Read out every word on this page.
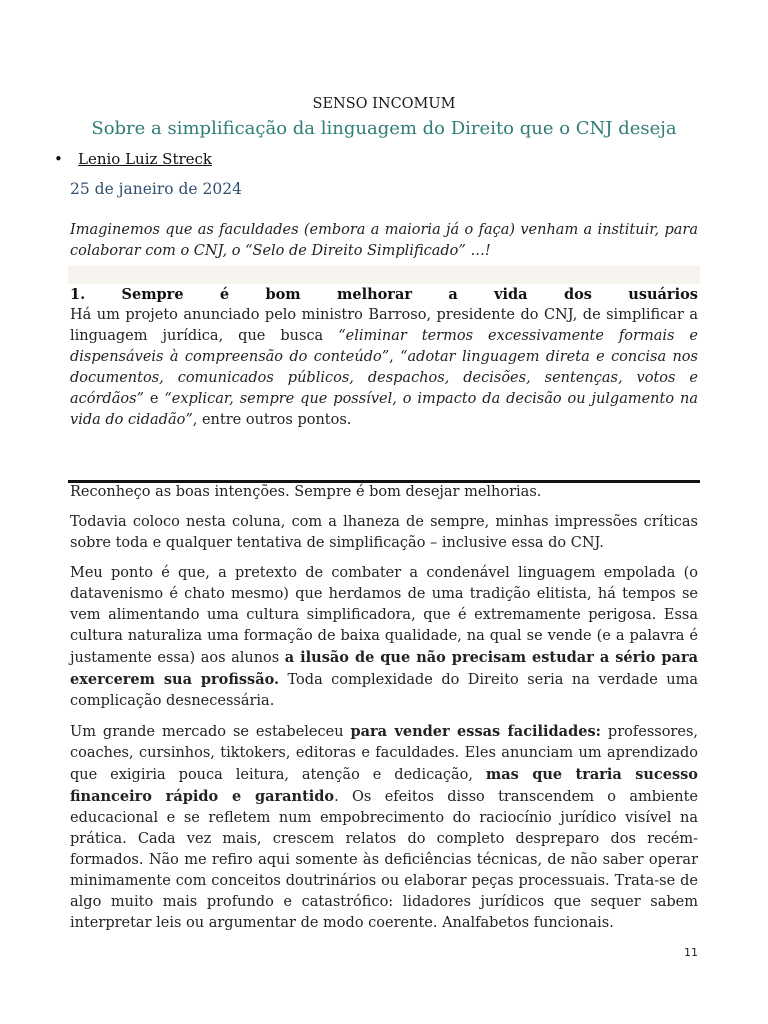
SENSO INCOMUM
Sobre a simplificação da linguagem do Direito que o CNJ deseja
• Lenio Luiz Streck
25 de janeiro de 2024
Imaginemos que as faculdades (embora a maioria já o faça) venham a instituir, para colaborar com o CNJ, o “Selo de Direito Simplificado” …!
1.	Sempre	é	bom	melhorar	a	vida	dos	usuários
Há um projeto anunciado pelo ministro Barroso, presidente do CNJ, de simplificar a linguagem jurídica, que busca “eliminar termos excessivamente formais e dispensáveis à compreensão do conteúdo”, “adotar linguagem direta e concisa nos documentos, comunicados públicos, despachos, decisões, sentenças, votos e acórdãos” e “explicar, sempre que possível, o impacto da decisão ou julgamento na vida do cidadão”, entre outros pontos.

Reconheço as boas intenções. Sempre é bom desejar melhorias.

Todavia coloco nesta coluna, com a lhaneza de sempre, minhas impressões críticas sobre toda e qualquer tentativa de simplificação – inclusive essa do CNJ.

Meu ponto é que, a pretexto de combater a condenável linguagem empolada (o datavenismo é chato mesmo) que herdamos de uma tradição elitista, há tempos se vem alimentando uma cultura simplificadora, que é extremamente perigosa. Essa cultura naturaliza uma formação de baixa qualidade, na qual se vende (e a palavra é justamente essa) aos alunos a ilusão de que não precisam estudar a sério para exercerem sua profissão. Toda complexidade do Direito seria na verdade uma complicação desnecessária.

Um grande mercado se estabeleceu para vender essas facilidades: professores, coaches, cursinhos, tiktokers, editoras e faculdades. Eles anunciam um aprendizado que exigiria pouca leitura, atenção e dedicação, mas que traria sucesso financeiro rápido e garantido. Os efeitos disso transcendem o ambiente educacional e se refletem num empobrecimento do raciocínio jurídico visível na prática. Cada vez mais, crescem relatos do completo despreparo dos recém-formados. Não me refiro aqui somente às deficiências técnicas, de não saber operar minimamente com conceitos doutrinários ou elaborar peças processuais. Trata-se de algo muito mais profundo e catastrófico: lidadores jurídicos que sequer sabem interpretar leis ou argumentar de modo coerente. Analfabetos funcionais.

11
